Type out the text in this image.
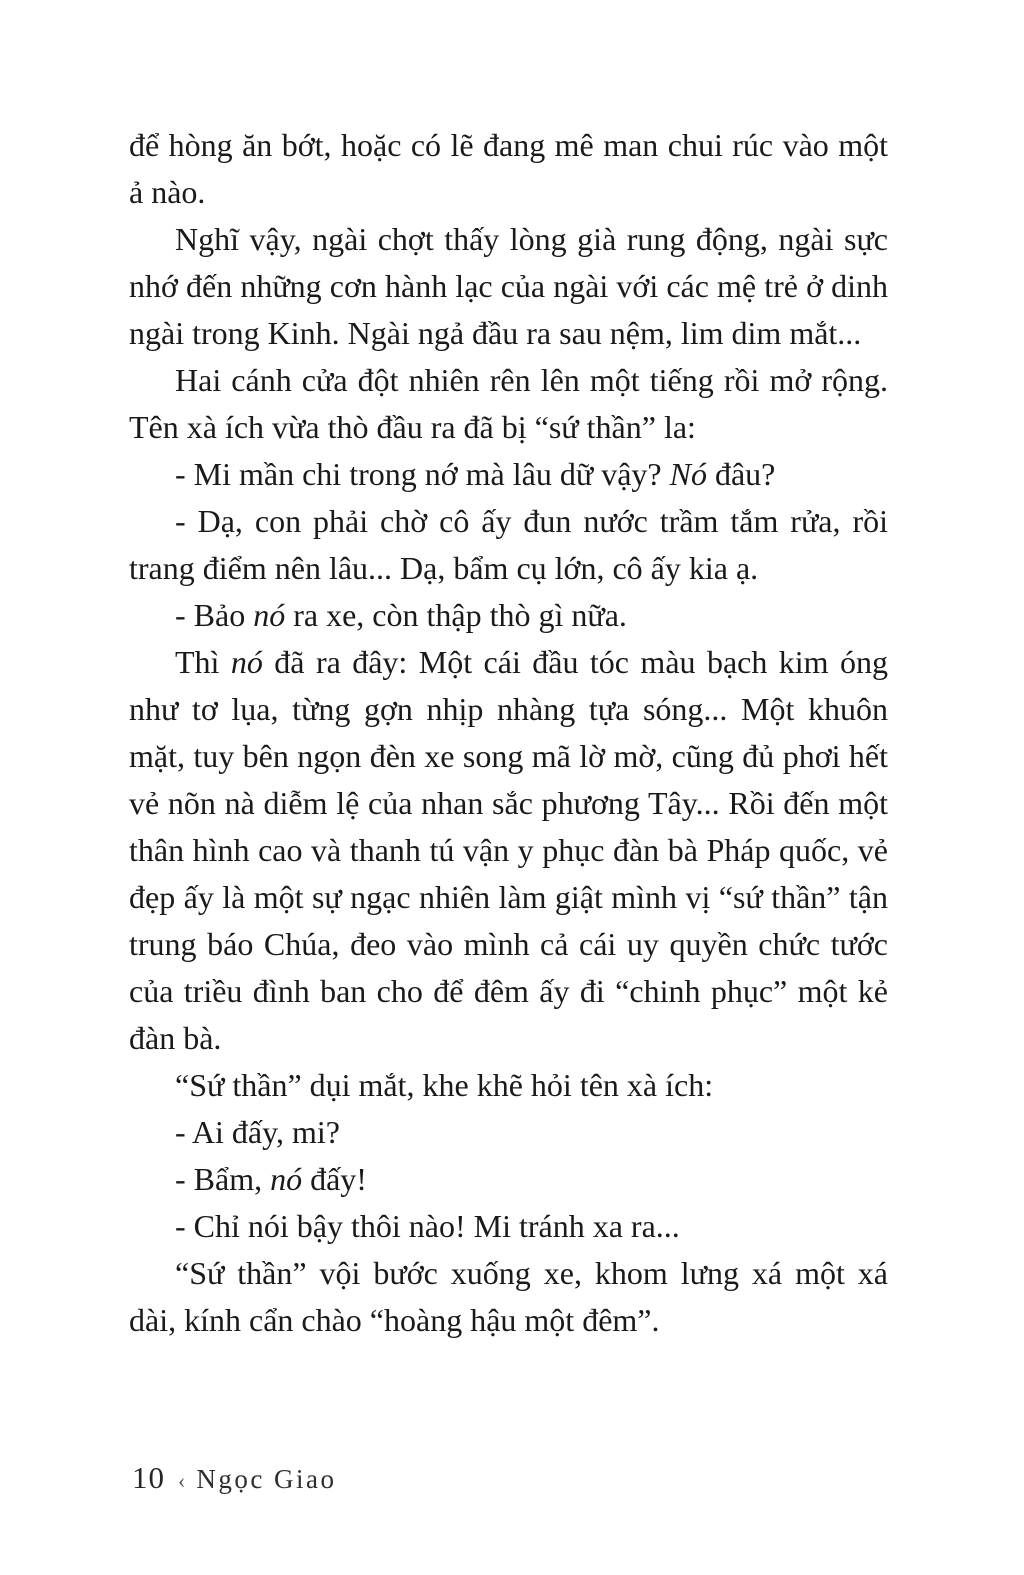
để hòng ăn bớt, hoặc có lẽ đang mê man chui rúc vào một ả nào.

Nghĩ vậy, ngài chợt thấy lòng già rung động, ngài sực nhớ đến những cơn hành lạc của ngài với các mệ trẻ ở dinh ngài trong Kinh. Ngài ngả đầu ra sau nệm, lim dim mắt...

Hai cánh cửa đột nhiên rên lên một tiếng rồi mở rộng. Tên xà ích vừa thò đầu ra đã bị “sứ thần” la:

- Mi mần chi trong nớ mà lâu dữ vậy? Nó đâu?

- Dạ, con phải chờ cô ấy đun nước trầm tắm rửa, rồi trang điểm nên lâu... Dạ, bẩm cụ lớn, cô ấy kia ạ.

- Bảo nó ra xe, còn thập thò gì nữa.

Thì nó đã ra đây: Một cái đầu tóc màu bạch kim óng như tơ lụa, từng gợn nhịp nhàng tựa sóng... Một khuôn mặt, tuy bên ngọn đèn xe song mã lờ mờ, cũng đủ phơi hết vẻ nõn nà diễm lệ của nhan sắc phương Tây... Rồi đến một thân hình cao và thanh tú vận y phục đàn bà Pháp quốc, vẻ đẹp ấy là một sự ngạc nhiên làm giật mình vị “sứ thần” tận trung báo Chúa, đeo vào mình cả cái uy quyền chức tước của triều đình ban cho để đêm ấy đi “chinh phục” một kẻ đàn bà.

“Sứ thần” dụi mắt, khe khẽ hỏi tên xà ích:

- Ai đấy, mi?

- Bẩm, nó đấy!

- Chỉ nói bậy thôi nào! Mi tránh xa ra...

“Sứ thần” vội bước xuống xe, khom lưng xá một xá dài, kính cẩn chào “hoàng hậu một đêm”.

10 ‹ Ngọc Giao
